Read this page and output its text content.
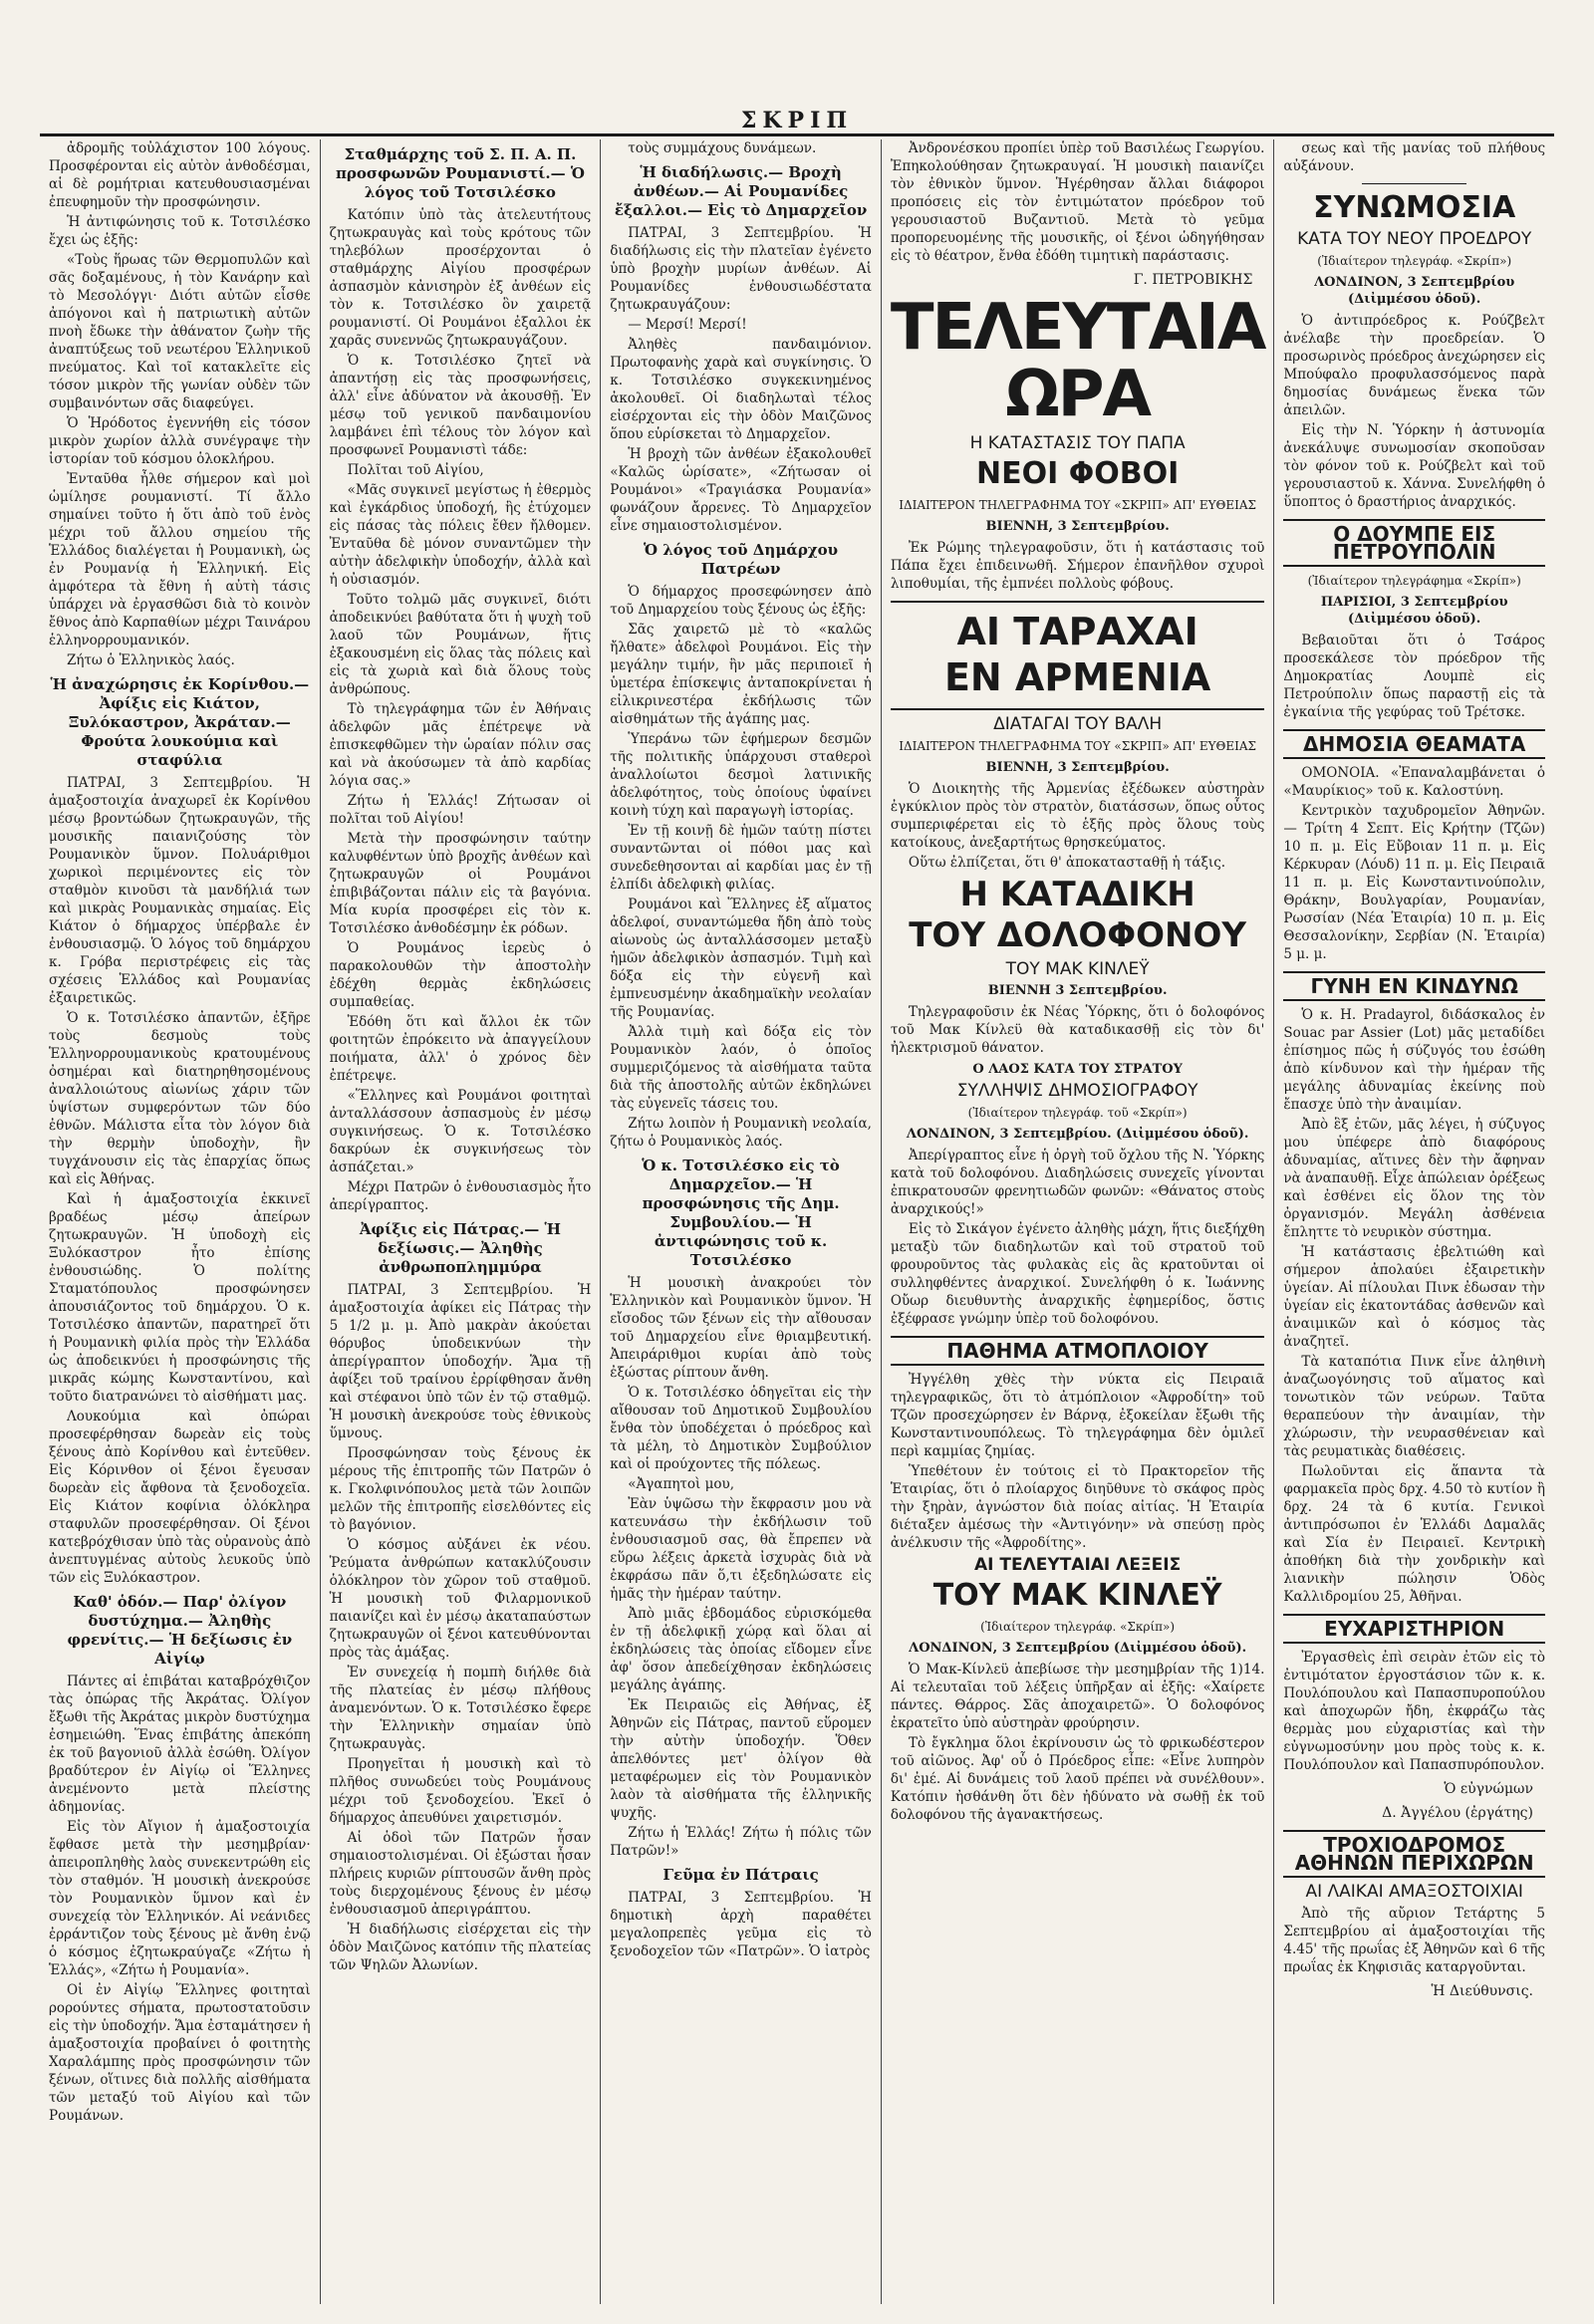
ΣΚΡΙΠ

ἀδρομῆς τοὐλάχιστον 100 λόγους. Προσφέρονται εἰς αὐτὸν ἀνθοδέσμαι, αἱ δὲ ρομήτριαι κατευθουσιασμέναι ἐπευφημοῦν τὴν προσφώνησιν.

Ἡ ἀντιφώνησις τοῦ κ. Τοτσιλέσκο ἔχει ὡς ἑξῆς:

«Τοὺς ἥρωας τῶν Θερμοπυλῶν καὶ σᾶς δοξαμένους, ἡ τὸν Κανάρην καὶ τὸ Μεσολόγγι· Διότι αὐτῶν εἶσθε ἀπόγονοι καὶ ἡ πατριωτικὴ αὐτῶν πνοὴ ἔδωκε τὴν ἀθάνατον ζωὴν τῆς ἀναπτύξεως τοῦ νεωτέρου Ἑλληνικοῦ πνεύματος. Καὶ τοῖ κατακλεῖτε εἰς τόσον μικρὸν τῆς γωνίαν οὐδὲν τῶν συμβαινόντων σᾶς διαφεύγει.

Ὁ Ἡρόδοτος ἐγεννήθη εἰς τόσον μικρὸν χωρίον ἀλλὰ συνέγραψε τὴν ἱστορίαν τοῦ κόσμου ὁλοκλήρου.

Ἐνταῦθα ἦλθε σήμερον καὶ μοὶ ὡμίλησε ρουμανιστί. Τί ἄλλο σημαίνει τοῦτο ἡ ὅτι ἀπὸ τοῦ ἑνὸς μέχρι τοῦ ἄλλου σημείου τῆς Ἑλλάδος διαλέγεται ἡ Ρουμανικὴ, ὡς ἐν Ρουμανίᾳ ἡ Ἑλληνική. Εἰς ἀμφότερα τὰ ἔθνη ἡ αὐτὴ τάσις ὑπάρχει νὰ ἐργασθῶσι διὰ τὸ κοινὸν ἔθνος ἀπὸ Καρπαθίων μέχρι Ταινάρου ἑλληνορρουμανικόν.

Ζήτω ὁ Ἑλληνικὸς λαός.

Ἡ ἀναχώρησις ἐκ Κορίνθου.— Ἀφίξις εἰς Κιάτον, Ξυλόκαστρον, Ἀκράταν.— Φρούτα λουκούμια καὶ σταφύλια

ΠΑΤΡΑΙ, 3 Σεπτεμβρίου. Ἡ ἁμαξοστοιχία ἀναχωρεῖ ἐκ Κορίνθου μέσῳ βροντώδων ζητωκραυγῶν, τῆς μουσικῆς παιανιζούσης τὸν Ρουμανικὸν ὕμνον. Πολυάριθμοι χωρικοὶ περιμένοντες εἰς τὸν σταθμὸν κινοῦσι τὰ μανδήλιά των καὶ μικρὰς Ρουμανικὰς σημαίας. Εἰς Κιάτον ὁ δήμαρχος ὑπέρβαλε ἐν ἐνθουσιασμῷ. Ὁ λόγος τοῦ δημάρχου κ. Γρόβα περιστρέφεις εἰς τὰς σχέσεις Ἑλλάδος καὶ Ρουμανίας ἐξαιρετικῶς.

Ὁ κ. Τοτσιλέσκο ἀπαντῶν, ἐξῆρε τοὺς δεσμοὺς τοὺς Ἑλληνορρουμανικοὺς κρατουμένους ὀσημέραι καὶ διατηρηθησομένους ἀναλλοιώτους αἰωνίως χάριν τῶν ὑψίστων συμφερόντων τῶν δύο ἐθνῶν. Μάλιστα εἶτα τὸν λόγον διὰ τὴν θερμὴν ὑποδοχὴν, ἢν τυγχάνουσιν εἰς τὰς ἐπαρχίας ὅπως καὶ εἰς Ἀθήνας.

Καὶ ἡ ἁμαξοστοιχία ἐκκινεῖ βραδέως μέσῳ ἀπείρων ζητωκραυγῶν. Ἡ ὑποδοχὴ εἰς Ξυλόκαστρον ἦτο ἐπίσης ἐνθουσιώδης. Ὁ πολίτης Σταματόπουλος προσφώνησεν ἀπουσιάζοντος τοῦ δημάρχου. Ὁ κ. Τοτσιλέσκο ἀπαντῶν, παρατηρεῖ ὅτι ἡ Ρουμανικὴ φιλία πρὸς τὴν Ἑλλάδα ὡς ἀποδεικνύει ἡ προσφώνησις τῆς μικρᾶς κώμης Κωνσταντίνου, καὶ τοῦτο διατρανώνει τὸ αἰσθήματι μας.

Λουκούμια καὶ ὀπώραι προσεφέρθησαν δωρεὰν εἰς τοὺς ξένους ἀπὸ Κορίνθου καὶ ἐντεῦθεν. Εἰς Κόρινθον οἱ ξένοι ἔγευσαν δωρεὰν εἰς ἄφθονα τὰ ξενοδοχεῖα. Εἰς Κιάτον κοφίνια ὀλόκληρα σταφυλῶν προσεφέρθησαν. Οἱ ξένοι κατεβρόχθισαν ὑπὸ τὰς οὐρανοὺς ἀπὸ ἀνεπτυγμένας αὐτοὺς λευκοῦς ὑπὸ τῶν εἰς Ξυλόκαστρον.

Καθ' ὁδόν.— Παρ' ὀλίγον δυστύχημα.— Ἀληθὴς φρενίτις.— Ἡ δεξίωσις ἐν Αἰγίῳ

Πάντες αἱ ἐπιβάται καταβρόχθιζον τὰς ὀπώρας τῆς Ἀκράτας. Ὀλίγον ἔξωθι τῆς Ἀκράτας μικρὸν δυστύχημα ἐσημειώθη. Ἕνας ἐπιβάτης ἀπεκόπη ἐκ τοῦ βαγονιοῦ ἀλλὰ ἐσώθη. Ὀλίγον βραδύτερον ἐν Αἰγίῳ οἱ Ἕλληνες ἀνεμένοντο μετὰ πλείστης ἀδημονίας.

Εἰς τὸν Αἴγιον ἡ ἀμαξοστοιχία ἔφθασε μετὰ τὴν μεσημβρίαν· ἀπειροπληθὴς λαὸς συνεκεντρώθη εἰς τὸν σταθμόν. Ἡ μουσικὴ ἀνεκρούσε τὸν Ρουμανικὸν ὕμνον καὶ ἐν συνεχείᾳ τὸν Ἑλληνικόν. Αἱ νεάνιδες ἐρράντιζον τοὺς ξένους μὲ ἄνθη ἐνῷ ὁ κόσμος ἐζητωκραύγαζε «Ζήτω ἡ Ἑλλάς», «Ζήτω ἡ Ρουμανία».

Οἱ ἐν Αἰγίῳ Ἕλληνες φοιτηταὶ ρορούντες σήματα, πρωτοστατοῦσιν εἰς τὴν ὑποδοχήν. Ἅμα ἐσταμάτησεν ἡ ἁμαξοστοιχία προβαίνει ὁ φοιτητὴς Χαραλάμπης πρὸς προσφώνησιν τῶν ξένων, οἵτινες διὰ πολλῆς αἰσθήματα τῶν μεταξύ τοῦ Αἰγίου καὶ τῶν Ρουμάνων.

Σταθμάρχης τοῦ Σ. Π. Α. Π. προσφωνῶν Ρουμανιστί.— Ὁ λόγος τοῦ Τοτσιλέσκο

Κατόπιν ὑπὸ τὰς ἀτελευτήτους ζητωκραυγὰς καὶ τοὺς κρότους τῶν τηλεβόλων προσέρχονται ὁ σταθμάρχης Αἰγίου προσφέρων ἀσπασμὸν κἀνισηρὸν ἐξ ἀνθέων εἰς τὸν κ. Τοτσιλέσκο ὃν χαιρετᾷ ρουμανιστί. Οἱ Ρουμάνοι ἐξαλλοι ἐκ χαρᾶς συνεννῶς ζητωκραυγάζουν.

Ὁ κ. Τοτσιλέσκο ζητεῖ νὰ ἀπαντήσῃ εἰς τὰς προσφωνήσεις, ἀλλ' εἶνε ἀδύνατον νὰ ἀκουσθῇ. Ἐν μέσῳ τοῦ γενικοῦ πανδαιμονίου λαμβάνει ἐπὶ τέλους τὸν λόγον καὶ προσφωνεῖ Ρουμανιστὶ τάδε:

Πολῖται τοῦ Αἰγίου,

«Μᾶς συγκινεῖ μεγίστως ἡ ἐθερμὸς καὶ ἐγκάρδιος ὑποδοχή, ἣς ἐτύχομεν εἰς πάσας τὰς πόλεις ἔθεν ἤλθομεν. Ἐνταῦθα δὲ μόνον συναντῶμεν τὴν αὐτὴν ἀδελφικὴν ὑποδοχήν, ἀλλὰ καὶ ἡ οὐσιασμόν.

Τοῦτο τολμῶ μᾶς συγκινεῖ, διότι ἀποδεικνύει βαθύτατα ὅτι ἡ ψυχὴ τοῦ λαοῦ τῶν Ρουμάνων, ἥτις ἐξακουσμένη εἰς ὅλας τὰς πόλεις καὶ εἰς τὰ χωριὰ καὶ διὰ ὅλους τοὺς ἀνθρώπους.

Τὸ τηλεγράφημα τῶν ἐν Ἀθήναις ἀδελφῶν μᾶς ἐπέτρεψε νὰ ἐπισκεφθῶμεν τὴν ὡραίαν πόλιν σας καὶ νὰ ἀκούσωμεν τὰ ἀπὸ καρδίας λόγια σας.»

Ζήτω ἡ Ἑλλάς! Ζήτωσαν οἱ πολῖται τοῦ Αἰγίου!

Μετὰ τὴν προσφώνησιν ταύτην καλυφθέντων ὑπὸ βροχῆς ἀνθέων καὶ ζητωκραυγῶν οἱ Ρουμάνοι ἐπιβιβάζονται πάλιν εἰς τὰ βαγόνια. Μία κυρία προσφέρει εἰς τὸν κ. Τοτσιλέσκο ἀνθοδέσμην ἐκ ρόδων.

Ὁ Ρουμάνος ἰερεὺς ὁ παρακολουθῶν τὴν ἀποστολὴν ἐδέχθη θερμὰς ἐκδηλώσεις συμπαθείας.

Ἐδόθη ὅτι καὶ ἄλλοι ἐκ τῶν φοιτητῶν ἐπρόκειτο νὰ ἀπαγγείλουν ποιήματα, ἀλλ' ὁ χρόνος δὲν ἐπέτρεψε.

«Ἕλληνες καὶ Ρουμάνοι φοιτηταὶ ἀνταλλάσσουν ἀσπασμοὺς ἐν μέσῳ συγκινήσεως. Ὁ κ. Τοτσιλέσκο δακρύων ἐκ συγκινήσεως τὸν ἀσπάζεται.»

Μέχρι Πατρῶν ὁ ἐνθουσιασμὸς ἦτο ἀπερίγραπτος.

Ἀφίξις εἰς Πάτρας.— Ἡ δεξίωσις.— Ἀληθὴς ἀνθρωποπλημμύρα

ΠΑΤΡΑΙ, 3 Σεπτεμβρίου. Ἡ ἁμαξοστοιχία ἀφίκει εἰς Πάτρας τὴν 5 1/2 μ. μ. Ἀπὸ μακρὰν ἀκούεται θόρυβος ὑποδεικνύων τὴν ἀπερίγραπτον ὑποδοχήν. Ἅμα τῇ ἀφίξει τοῦ τραίνου ἐρρίφθησαν ἄνθη καὶ στέφανοι ὑπὸ τῶν ἐν τῷ σταθμῷ. Ἡ μουσικὴ ἀνεκρούσε τοὺς ἐθνικοὺς ὕμνους.

Προσφώνησαν τοὺς ξένους ἐκ μέρους τῆς ἐπιτροπῆς τῶν Πατρῶν ὁ κ. Γκολφινόπουλος μετὰ τῶν λοιπῶν μελῶν τῆς ἐπιτροπῆς εἰσελθόντες εἰς τὸ βαγόνιον.

Ὁ κόσμος αὐξάνει ἐκ νέου. Ῥεύματα ἀνθρώπων κατακλύζουσιν ὁλόκληρον τὸν χῶρον τοῦ σταθμοῦ. Ἡ μουσικὴ τοῦ Φιλαρμονικοῦ παιανίζει καὶ ἐν μέσῳ ἀκαταπαύστων ζητωκραυγῶν οἱ ξένοι κατευθύνονται πρὸς τὰς ἁμάξας.

Ἐν συνεχείᾳ ἡ πομπὴ διήλθε διὰ τῆς πλατείας ἐν μέσῳ πλήθους ἀναμενόντων. Ὁ κ. Τοτσιλέσκο ἔφερε τὴν Ἑλληνικὴν σημαίαν ὑπὸ ζητωκραυγὰς.

Προηγεῖται ἡ μουσικὴ καὶ τὸ πλῆθος συνωδεύει τοὺς Ρουμάνους μέχρι τοῦ ξενοδοχείου. Ἐκεῖ ὁ δήμαρχος ἀπευθύνει χαιρετισμόν.

Αἱ ὁδοὶ τῶν Πατρῶν ἦσαν σημαιοστολισμέναι. Οἱ ἐξώσται ἦσαν πλήρεις κυριῶν ρίπτουσῶν ἄνθη πρὸς τοὺς διερχομένους ξένους ἐν μέσῳ ἐνθουσιασμοῦ ἀπεριγράπτου.

Ἡ διαδήλωσις εἰσέρχεται εἰς τὴν ὁδὸν Μαιζῶνος κατόπιν τῆς πλατείας τῶν Ψηλῶν Ἀλωνίων.

τοὺς συμμάχους δυνάμεων.

Ἡ διαδήλωσις.— Βροχὴ ἀνθέων.— Αἱ Ρουμανίδες ἔξαλλοι.— Εἰς τὸ Δημαρχεῖον

ΠΑΤΡΑΙ, 3 Σεπτεμβρίου. Ἡ διαδήλωσις εἰς τὴν πλατεῖαν ἐγένετο ὑπὸ βροχὴν μυρίων ἀνθέων. Αἱ Ρουμανίδες ἐνθουσιωδέστατα ζητωκραυγάζουν:

— Μερσί! Μερσί!

Ἀληθὲς πανδαιμόνιον. Πρωτοφανὴς χαρὰ καὶ συγκίνησις. Ὁ κ. Τοτσιλέσκο συγκεκινημένος ἀκολουθεῖ. Οἱ διαδηλωταὶ τέλος εἰσέρχονται εἰς τὴν ὁδὸν Μαιζῶνος ὅπου εὑρίσκεται τὸ Δημαρχεῖον.

Ἡ βροχὴ τῶν ἀνθέων ἐξακολουθεῖ «Καλῶς ὡρίσατε», «Ζήτωσαν οἱ Ρουμάνοι» «Τραγιάσκα Ρουμανία» φωνάζουν ἄρρενες. Τὸ Δημαρχεῖον εἶνε σημαιοστολισμένον.

Ὁ λόγος τοῦ Δημάρχου Πατρέων

Ὁ δήμαρχος προσεφώνησεν ἀπὸ τοῦ Δημαρχείου τοὺς ξένους ὡς ἑξῆς:

Σᾶς χαιρετῶ μὲ τὸ «καλῶς ἤλθατε» ἀδελφοὶ Ρουμάνοι. Εἰς τὴν μεγάλην τιμήν, ἣν μᾶς περιποιεῖ ἡ ὑμετέρα ἐπίσκεψις ἀνταποκρίνεται ἡ εἰλικρινεστέρα ἐκδήλωσις τῶν αἰσθημάτων τῆς ἀγάπης μας.

Ὑπεράνω τῶν ἐφήμερων δεσμῶν τῆς πολιτικῆς ὑπάρχουσι σταθεροὶ ἀναλλοίωτοι δεσμοὶ λατινικῆς ἀδελφότητος, τοὺς ὁποίους ὑφαίνει κοινὴ τύχη καὶ παραγωγὴ ἱστορίας.

Ἐν τῇ κοινῇ δὲ ἡμῶν ταύτῃ πίστει συναντῶνται οἱ πόθοι μας καὶ συνεδεθησονται αἱ καρδίαι μας ἐν τῇ ἑλπίδι ἀδελφικὴ φιλίας.

Ρουμάνοι καὶ Ἕλληνες ἐξ αἵματος ἀδελφοί, συναντώμεθα ἤδη ἀπὸ τοὺς αἰωνοὺς ὡς ἀνταλλάσσομεν μεταξὺ ἡμῶν ἀδελφικὸν ἀσπασμόν. Τιμὴ καὶ δόξα εἰς τὴν εὐγενῆ καὶ ἐμπνευσμένην ἀκαδημαϊκὴν νεολαίαν τῆς Ρουμανίας.

Ἀλλὰ τιμὴ καὶ δόξα εἰς τὸν Ρουμανικὸν λαόν, ὁ ὁποῖος συμμεριζόμενος τὰ αἰσθήματα ταῦτα διὰ τῆς ἀποστολῆς αὐτῶν ἐκδηλώνει τὰς εὐγενεῖς τάσεις του.

Ζήτω λοιπὸν ἡ Ρουμανικὴ νεολαία, ζήτω ὁ Ρουμανικὸς λαός.

Ὁ κ. Τοτσιλέσκο εἰς τὸ Δημαρχεῖον.— Ἡ προσφώνησις τῆς Δημ. Συμβουλίου.— Ἡ ἀντιφώνησις τοῦ κ. Τοτσιλέσκο

Ἡ μουσικὴ ἀνακρούει τὸν Ἑλληνικὸν καὶ Ρουμανικὸν ὕμνον. Ἡ εἴσοδος τῶν ξένων εἰς τὴν αἴθουσαν τοῦ Δημαρχείου εἶνε θριαμβευτική. Ἀπειράριθμοι κυρίαι ἀπὸ τοὺς ἐξώστας ρίπτουν ἄνθη.

Ὁ κ. Τοτσιλέσκο ὁδηγεῖται εἰς τὴν αἴθουσαν τοῦ Δημοτικοῦ Συμβουλίου ἔνθα τὸν ὑποδέχεται ὁ πρόεδρος καὶ τὰ μέλη, τὸ Δημοτικὸν Συμβούλιον καὶ οἱ προύχοντες τῆς πόλεως.

«Ἀγαπητοὶ μου,

Ἐὰν ὑψῶσω τὴν ἔκφρασιν μου νὰ κατευνάσω τὴν ἐκδήλωσιν τοῦ ἐνθουσιασμοῦ σας, θὰ ἔπρεπεν νὰ εὕρω λέξεις ἀρκετὰ ἰσχυρὰς διὰ νὰ ἐκφράσω πᾶν ὅ,τι ἐξεδηλώσατε εἰς ἡμᾶς τὴν ἡμέραν ταύτην.

Ἀπὸ μιᾶς ἑβδομάδος εὑρισκόμεθα ἐν τῇ ἀδελφικῇ χώρᾳ καὶ ὅλαι αἱ ἐκδηλώσεις τὰς ὁποίας εἴδομεν εἶνε ἀφ' ὅσον ἀπεδείχθησαν ἐκδηλώσεις μεγάλης ἀγάπης.

Ἐκ Πειραιῶς εἰς Ἀθήνας, ἐξ Ἀθηνῶν εἰς Πάτρας, παντοῦ εὕρομεν τὴν αὐτὴν ὑποδοχήν. Ὅθεν ἀπελθόντες μετ' ὀλίγον θὰ μεταφέρωμεν εἰς τὸν Ρουμανικὸν λαὸν τὰ αἰσθήματα τῆς ἑλληνικῆς ψυχῆς.

Ζήτω ἡ Ἑλλάς! Ζήτω ἡ πόλις τῶν Πατρῶν!»

Γεῦμα ἐν Πάτραις

ΠΑΤΡΑΙ, 3 Σεπτεμβρίου. Ἡ δημοτικὴ ἀρχὴ παραθέτει μεγαλοπρεπὲς γεῦμα εἰς τὸ ξενοδοχεῖον τῶν «Πατρῶν». Ὁ ἰατρὸς

Ἀνδρονέσκου προπίει ὑπὲρ τοῦ Βασιλέως Γεωργίου. Ἐπηκολούθησαν ζητωκραυγαί. Ἡ μουσικὴ παιανίζει τὸν ἐθνικὸν ὕμνον. Ἡγέρθησαν ἄλλαι διάφοροι προπόσεις εἰς τὸν ἐντιμώτατον πρόεδρον τοῦ γερουσιαστοῦ Βυζαντιοῦ. Μετὰ τὸ γεῦμα προπορευομένης τῆς μουσικῆς, οἱ ξένοι ὡδηγήθησαν εἰς τὸ θέατρον, ἔνθα ἐδόθη τιμητικὴ παράστασις.

Γ. ΠΕΤΡΟΒΙΚΗΣ
ΤΕΛΕΥΤΑΙΑ ΩΡΑ
Η ΚΑΤΑΣΤΑΣΙΣ ΤΟΥ ΠΑΠΑ
ΝΕΟΙ ΦΟΒΟΙ
ΙΔΙΑΙΤΕΡΟΝ ΤΗΛΕΓΡΑΦΗΜΑ ΤΟΥ «ΣΚΡΙΠ» ΑΠ' ΕΥΘΕΙΑΣ
ΒΙΕΝΝΗ, 3 Σεπτεμβρίου.

Ἐκ Ρώμης τηλεγραφοῦσιν, ὅτι ἡ κατάστασις τοῦ Πάπα ἔχει ἐπιδεινωθῆ. Σήμερον ἐπανῆλθον σχυροὶ λιποθυμίαι, τῆς ἐμπνέει πολλοὺς φόβους.

ΑΙ ΤΑΡΑΧΑΙ
ΕΝ ΑΡΜΕΝΙΑ
ΔΙΑΤΑΓΑΙ ΤΟΥ ΒΑΛΗ
ΙΔΙΑΙΤΕΡΟΝ ΤΗΛΕΓΡΑΦΗΜΑ ΤΟΥ «ΣΚΡΙΠ» ΑΠ' ΕΥΘΕΙΑΣ
ΒΙΕΝΝΗ, 3 Σεπτεμβρίου.

Ὁ Διοικητὴς τῆς Ἀρμενίας ἐξέδωκεν αὐστηρὰν ἐγκύκλιον πρὸς τὸν στρατὸν, διατάσσων, ὅπως οὗτος συμπεριφέρεται εἰς τὸ ἑξῆς πρὸς ὅλους τοὺς κατοίκους, ἀνεξαρτήτως θρησκεύματος.

Οὕτω ἐλπίζεται, ὅτι θ' ἀποκατασταθῇ ἡ τάξις.

Η ΚΑΤΑΔΙΚΗ
ΤΟΥ ΔΟΛΟΦΟΝΟΥ
ΤΟΥ ΜΑΚ ΚΙΝΛΕΫ
ΒΙΕΝΝΗ 3 Σεπτεμβρίου.

Τηλεγραφοῦσιν ἐκ Νέας Ὑόρκης, ὅτι ὁ δολοφόνος τοῦ Μακ Κίνλεϋ θὰ καταδικασθῇ εἰς τὸν δι' ἠλεκτρισμοῦ θάνατον.

Ο ΛΑΟΣ ΚΑΤΑ ΤΟΥ ΣΤΡΑΤΟΥ
ΣΥΛΛΗΨΙΣ ΔΗΜΟΣΙΟΓΡΑΦΟΥ
(Ἰδιαίτερον τηλεγράφ. τοῦ «Σκρίπ»)
ΛΟΝΔΙΝΟΝ, 3 Σεπτεμβρίου. (Διἰμμέσου ὁδοῦ).

Ἀπερίγραπτος εἶνε ἡ ὀργὴ τοῦ ὄχλου τῆς Ν. Ὑόρκης κατὰ τοῦ δολοφόνου. Διαδηλώσεις συνεχεῖς γίνονται ἐπικρατουσῶν φρενητιωδῶν φωνῶν: «Θάνατος στοὺς ἀναρχικούς!»

Εἰς τὸ Σικάγον ἐγένετο ἀληθὴς μάχη, ἥτις διεξήχθη μεταξὺ τῶν διαδηλωτῶν καὶ τοῦ στρατοῦ τοῦ φρουροῦντος τὰς φυλακὰς εἰς ἃς κρατοῦνται οἱ συλληφθέντες ἀναρχικοί. Συνελήφθη ὁ κ. Ἰωάννης Οὔωρ διευθυντὴς ἀναρχικῆς ἐφημερίδος, ὅστις ἐξέφρασε γνώμην ὑπὲρ τοῦ δολοφόνου.

ΠΑΘΗΜΑ ΑΤΜΟΠΛΟΙΟΥ

Ἠγγέλθη χθὲς τὴν νύκτα εἰς Πειραιᾶ τηλεγραφικῶς, ὅτι τὸ ἀτμόπλοιον «Ἀφροδίτη» τοῦ Τζῶν προσεχώρησεν ἐν Βάρνᾳ, ἐξοκείλαν ἔξωθι τῆς Κωνσταντινουπόλεως. Τὸ τηλεγράφημα δὲν ὁμιλεῖ περὶ καμμίας ζημίας.

Ὑπεθέτουν ἐν τούτοις εἰ τὸ Πρακτορεῖον τῆς Ἑταιρίας, ὅτι ὁ πλοίαρχος διηῦθυνε τὸ σκάφος πρὸς τὴν ξηρὰν, ἀγνώστον διὰ ποίας αἰτίας. Ἡ Ἑταιρία διέταξεν ἀμέσως τὴν «Ἀντιγόνην» νὰ σπεύσῃ πρὸς ἀνέλκυσιν τῆς «Ἀφροδίτης».

ΑΙ ΤΕΛΕΥΤΑΙΑΙ ΛΕΞΕΙΣ
ΤΟΥ ΜΑΚ ΚΙΝΛΕΫ
(Ἰδιαίτερον τηλεγράφ. «Σκρίπ»)
ΛΟΝΔΙΝΟΝ, 3 Σεπτεμβρίου (Διἰμμέσου ὁδοῦ).

Ὁ Μακ-Κίνλεϋ ἀπεβίωσε τὴν μεσημβρίαν τῆς 1)14. Αἱ τελευταῖαι τοῦ λέξεις ὑπῆρξαν αἱ ἑξῆς: «Χαίρετε πάντες. Θάρρος. Σᾶς ἀποχαιρετῶ». Ὁ δολοφόνος ἐκρατεῖτο ὑπὸ αὐστηρὰν φρούρησιν.

Τὸ ἔγκλημα ὅλοι ἐκρίνουσιν ὡς τὸ φρικωδέστερον τοῦ αἰῶνος. Ἀφ' οὗ ὁ Πρόεδρος εἶπε: «Εἶνε λυπηρὸν δι' ἐμέ. Αἱ δυνάμεις τοῦ λαοῦ πρέπει νὰ συνέλθουν». Κατόπιν ἠσθάνθη ὅτι δὲν ἠδύνατο νὰ σωθῇ ἐκ τοῦ δολοφόνου τῆς ἀγανακτήσεως.

σεως καὶ τῆς μανίας τοῦ πλήθους αὐξάνουν.

ΣΥΝΩΜΟΣΙΑ
ΚΑΤΑ ΤΟΥ ΝΕΟΥ ΠΡΟΕΔΡΟΥ
(Ἰδιαίτερον τηλεγράφ. «Σκρίπ»)
ΛΟΝΔΙΝΟΝ, 3 Σεπτεμβρίου (Διἰμμέσου ὁδοῦ).

Ὁ ἀντιπρόεδρος κ. Ρούζβελτ ἀνέλαβε τὴν προεδρείαν. Ὁ προσωρινὸς πρόεδρος ἀνεχώρησεν εἰς Μπούφαλο προφυλασσόμενος παρὰ δημοσίας δυνάμεως ἕνεκα τῶν ἀπειλῶν.

Εἰς τὴν Ν. Ὑόρκην ἡ ἀστυνομία ἀνεκάλυψε συνωμοσίαν σκοποῦσαν τὸν φόνον τοῦ κ. Ρούζβελτ καὶ τοῦ γερουσιαστοῦ κ. Χάννα. Συνελήφθη ὁ ὕποπτος ὁ δραστήριος ἀναρχικός.

Ο ΔΟΥΜΠΕ ΕΙΣ ΠΕΤΡΟΥΠΟΛΙΝ
(Ἰδιαίτερον τηλεγράφημα «Σκρίπ»)
ΠΑΡΙΣΙΟΙ, 3 Σεπτεμβρίου (Διἰμμέσου ὁδοῦ).

Βεβαιοῦται ὅτι ὁ Τσάρος προσεκάλεσε τὸν πρόεδρον τῆς Δημοκρατίας Λουμπὲ εἰς Πετρούπολιν ὅπως παραστῇ εἰς τὰ ἐγκαίνια τῆς γεφύρας τοῦ Τρέτσκε.

ΔΗΜΟΣΙΑ ΘΕΑΜΑΤΑ

ΟΜΟΝΟΙΑ. «Ἐπαναλαμβάνεται ὁ «Μαυρίκιος» τοῦ κ. Καλοστύνη.

Κεντρικὸν ταχυδρομεῖον Ἀθηνῶν.— Τρίτη 4 Σεπτ. Εἰς Κρήτην (Τζῶν) 10 π. μ. Εἰς Εὔβοιαν 11 π. μ. Εἰς Κέρκυραν (Λόυδ) 11 π. μ. Εἰς Πειραιᾶ 11 π. μ. Εἰς Κωνσταντινούπολιν, Θράκην, Βουλγαρίαν, Ρουμανίαν, Ρωσσίαν (Νέα Ἑταιρία) 10 π. μ. Εἰς Θεσσαλονίκην, Σερβίαν (Ν. Ἑταιρία) 5 μ. μ.

ΓΥΝΗ ΕΝ ΚΙΝΔΥΝΩ

Ὁ κ. Η. Pradayrol, διδάσκαλος ἐν Souac par Assier (Lot) μᾶς μεταδίδει ἐπίσημος πῶς ἡ σύζυγός του ἐσώθη ἀπὸ κίνδυνον καὶ τὴν ἡμέραν τῆς μεγάλης ἀδυναμίας ἐκείνης ποὺ ἔπασχε ὑπὸ τὴν ἀναιμίαν.

Ἀπὸ ἓξ ἐτῶν, μᾶς λέγει, ἡ σύζυγος μου ὑπέφερε ἀπὸ διαφόρους ἀδυναμίας, αἵτινες δὲν τὴν ἄφηναν νὰ ἀναπαυθῇ. Εἶχε ἀπώλειαν ὀρέξεως καὶ ἐσθένει εἰς ὅλον της τὸν ὀργανισμόν. Μεγάλη ἀσθένεια ἔπληττε τὸ νευρικὸν σύστημα.

Ἡ κατάστασις ἐβελτιώθη καὶ σήμερον ἀπολαύει ἐξαιρετικὴν ὑγείαν. Αἱ πίλουλαι Πινκ ἐδωσαν τὴν ὑγείαν εἰς ἑκατοντάδας ἀσθενῶν καὶ ἀναιμικῶν καὶ ὁ κόσμος τὰς ἀναζητεῖ.

Τὰ καταπότια Πινκ εἶνε ἀληθινὴ ἀναζωογόνησις τοῦ αἵματος καὶ τονωτικὸν τῶν νεύρων. Ταῦτα θεραπεύουν τὴν ἀναιμίαν, τὴν χλώρωσιν, τὴν νευρασθένειαν καὶ τὰς ρευματικὰς διαθέσεις.

Πωλοῦνται εἰς ἅπαντα τὰ φαρμακεῖα πρὸς δρχ. 4.50 τὸ κυτίον ἢ δρχ. 24 τὰ 6 κυτία. Γενικοὶ ἀντιπρόσωποι ἐν Ἑλλάδι Δαμαλᾶς καὶ Σία ἐν Πειραιεῖ. Κεντρικὴ ἀποθήκη διὰ τὴν χονδρικὴν καὶ λιανικὴν πώλησιν Ὁδὸς Καλλιδρομίου 25, Ἀθῆναι.

ΕΥΧΑΡΙΣΤΗΡΙΟΝ

Ἐργασθεὶς ἐπὶ σειρὰν ἐτῶν εἰς τὸ ἐντιμότατον ἐργοστάσιον τῶν κ. κ. Πουλόπουλου καὶ Παπασπυροπούλου καὶ ἀποχωρῶν ἤδη, ἐκφράζω τὰς θερμὰς μου εὐχαριστίας καὶ τὴν εὐγνωμοσύνην μου πρὸς τοὺς κ. κ. Πουλόπουλον καὶ Παπασπυρόπουλον.

Ὁ εὐγνώμων
Δ. Ἀγγέλου (ἐργάτης)
ΤΡΟΧΙΟΔΡΟΜΟΣ ΑΘΗΝΩΝ ΠΕΡΙΧΩΡΩΝ
ΑΙ ΛΑΙΚΑΙ ΑΜΑΞΟΣΤΟΙΧΙΑΙ

Ἀπὸ τῆς αὔριον Τετάρτης 5 Σεπτεμβρίου αἱ ἁμαξοστοιχίαι τῆς 4.45' τῆς πρωΐας ἐξ Ἀθηνῶν καὶ 6 τῆς πρωΐας ἐκ Κηφισιᾶς καταργοῦνται.

Ἡ Διεύθυνσις.
